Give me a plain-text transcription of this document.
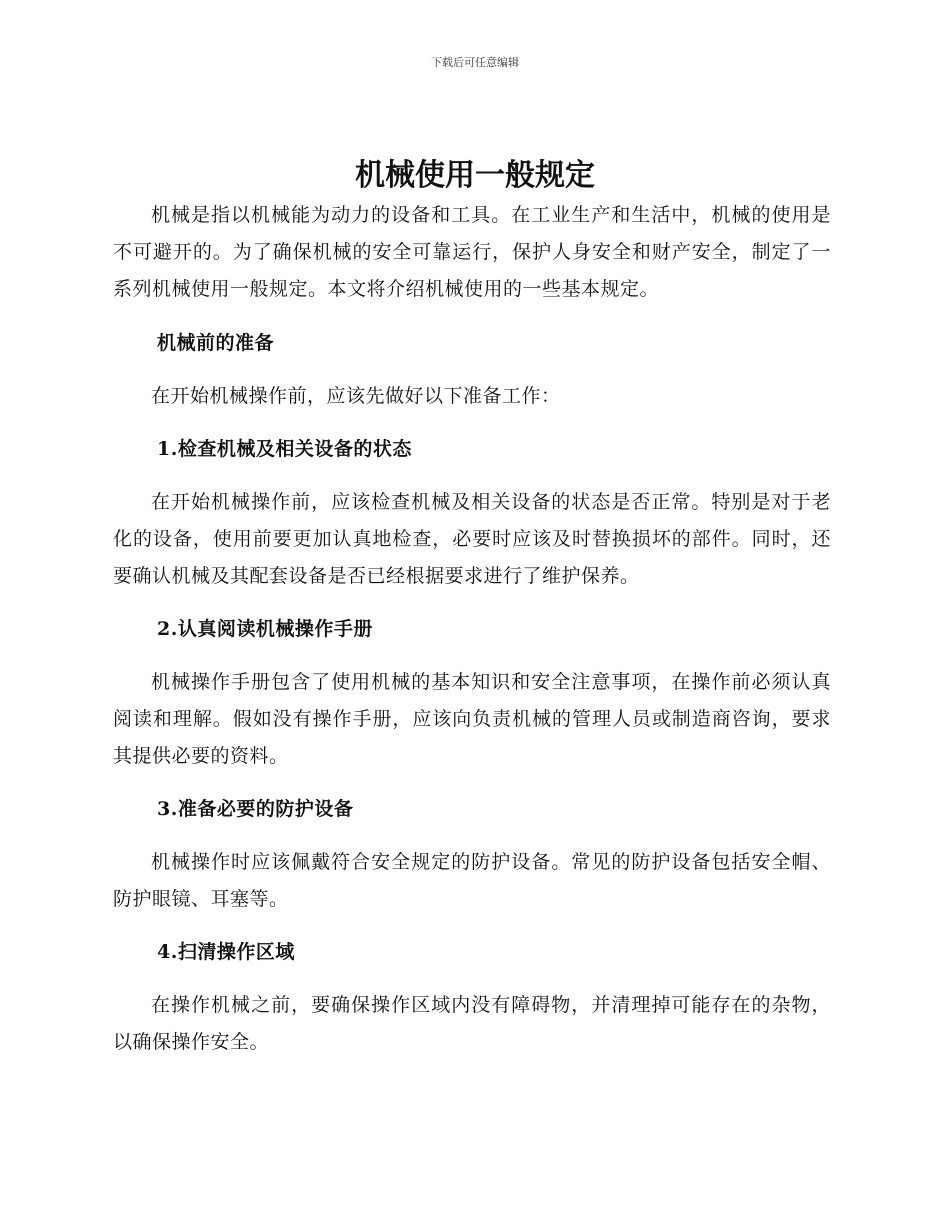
下载后可任意编辑
机械使用一般规定

机械是指以机械能为动力的设备和工具。在工业生产和生活中，机械的使用是不可避开的。为了确保机械的安全可靠运行，保护人身安全和财产安全，制定了一系列机械使用一般规定。本文将介绍机械使用的一些基本规定。

机械前的准备

在开始机械操作前，应该先做好以下准备工作：

1.检查机械及相关设备的状态

在开始机械操作前，应该检查机械及相关设备的状态是否正常。特别是对于老化的设备，使用前要更加认真地检查，必要时应该及时替换损坏的部件。同时，还要确认机械及其配套设备是否已经根据要求进行了维护保养。

2.认真阅读机械操作手册

机械操作手册包含了使用机械的基本知识和安全注意事项，在操作前必须认真阅读和理解。假如没有操作手册，应该向负责机械的管理人员或制造商咨询，要求其提供必要的资料。

3.准备必要的防护设备

机械操作时应该佩戴符合安全规定的防护设备。常见的防护设备包括安全帽、防护眼镜、耳塞等。

4.扫清操作区域

在操作机械之前，要确保操作区域内没有障碍物，并清理掉可能存在的杂物，以确保操作安全。
